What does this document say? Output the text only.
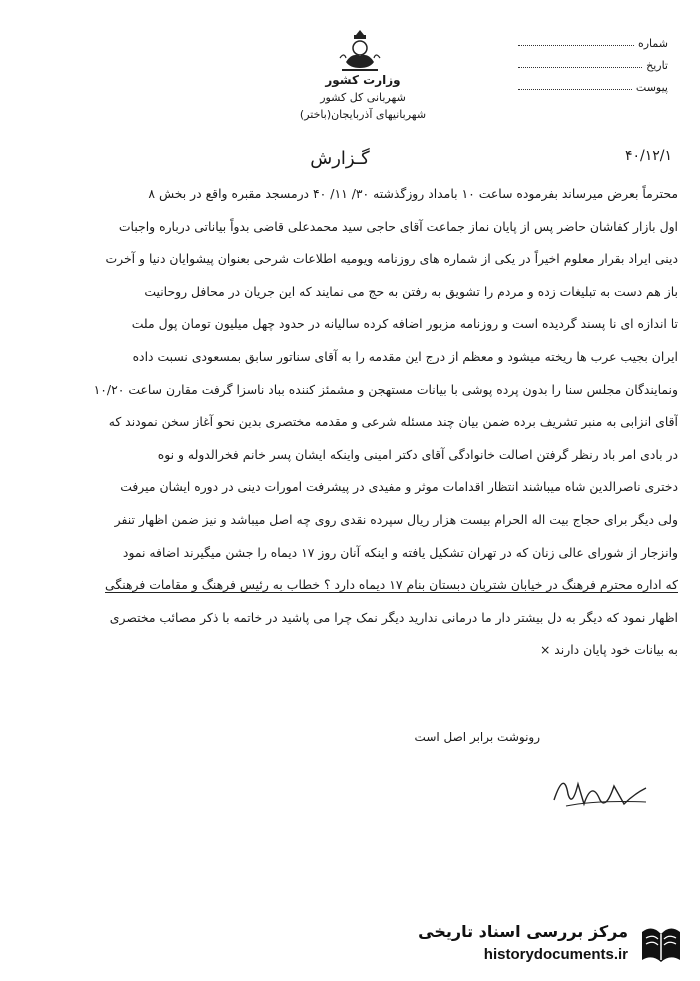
شماره
تاریخ
پیوست
وزارت کشور
شهربانی کل کشور
شهربانیهای آذربایجان(باختر)
گـزارش	۴۰/۱۲/۱
محترماً بعرض میرساند بفرموده ساعت ۱۰ بامداد روزگذشته ۳۰/ ۱۱/ ۴۰ درمسجد مقبره واقع در بخش ۸
اول بازار کفاشان حاضر پس از پایان نماز جماعت آقای حاجی سید محمدعلی قاضی بدواً بیاناتی درباره واجبات
دینی ایراد بقرار معلوم اخیراً در یکی از شماره های روزنامه ویومیه اطلاعات شرحی بعنوان پیشوایان دنیا و آخرت
باز هم دست به تبلیغات زده و مردم را تشویق به رفتن به حج می نمایند که این جریان در محافل روحانیت
تا اندازه ای نا پسند گردیده است و روزنامه مزبور اضافه کرده سالیانه در حدود چهل میلیون تومان پول ملت
ایران بجیب عرب ها ریخته میشود و معظم از درج این مقدمه را به آقای سناتور سابق بمسعودی نسبت داده
ونمایندگان مجلس سنا را بدون پرده پوشی با بیانات مستهجن و مشمئز کننده بباد ناسزا گرفت مقارن ساعت ۱۰/۲۰
آقای انزابی به منبر تشریف برده ضمن بیان چند مسئله شرعی و مقدمه مختصری بدین نحو آغاز سخن نمودند که
در بادی امر باد رنظر گرفتن اصالت خانوادگی آقای دکتر امینی واینکه ایشان پسر خانم فخرالدوله و نوه
دختری ناصرالدین شاه میباشند انتظار اقدامات موثر و مفیدی در پیشرفت امورات دینی در دوره ایشان میرفت
ولی دیگر برای حجاج بیت اله الحرام بیست هزار ریال سپرده نقدی روی چه اصل میباشد و نیز ضمن اظهار تنفر
وانزجار از شورای عالی زنان که در تهران تشکیل یافته و اینکه آنان روز ۱۷ دیماه را جشن میگیرند اضافه نمود
که اداره محترم فرهنگ در خیابان شتربان دبستان بنام ۱۷ دیماه دارد ؟ خطاب به رئیس فرهنگ و مقامات فرهنگی
اظهار نمود که دیگر به دل بیشتر دار ما درمانی ندارید دیگر نمک چرا می پاشید در خاتمه با ذکر مصائب مختصری
به بیانات خود پایان دارند ×
رونوشت برابر اصل است
مرکز بررسی اسناد تاریخی
historydocuments.ir
